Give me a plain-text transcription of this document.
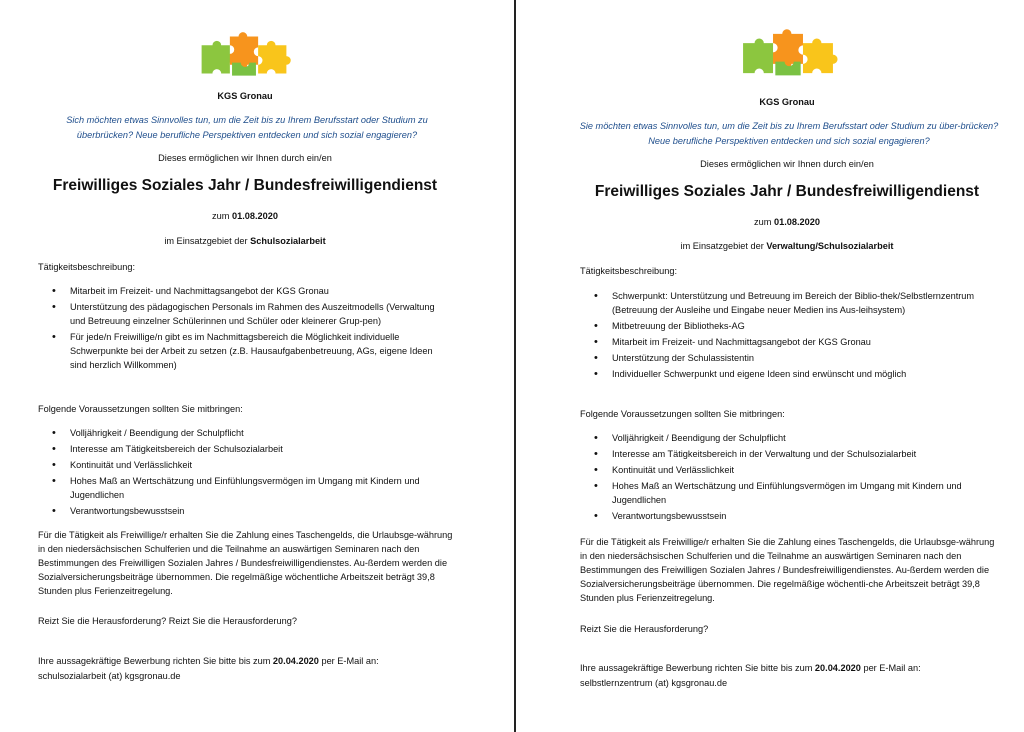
KGS Gronau
Sich möchten etwas Sinnvolles tun, um die Zeit bis zu Ihrem Berufsstart oder Studium zu überbrücken? Neue berufliche Perspektiven entdecken und sich sozial engagieren?
Dieses ermöglichen wir Ihnen durch ein/en
Freiwilliges Soziales Jahr / Bundesfreiwilligendienst
zum 01.08.2020
im Einsatzgebiet der Schulsozialarbeit
Tätigkeitsbeschreibung:
• Mitarbeit im Freizeit- und Nachmittagsangebot der KGS Gronau
• Unterstützung des pädagogischen Personals im Rahmen des Auszeitmodells (Verwaltung und Betreuung einzelner Schülerinnen und Schüler oder kleinerer Grup-pen)
• Für jede/n Freiwillige/n gibt es im Nachmittagsbereich die Möglichkeit individuelle Schwerpunkte bei der Arbeit zu setzen (z.B. Hausaufgabenbetreuung, AGs, eigene Ideen sind herzlich Willkommen)
Folgende Voraussetzungen sollten Sie mitbringen:
• Volljährigkeit / Beendigung der Schulpflicht
• Interesse am Tätigkeitsbereich der Schulsozialarbeit
• Kontinuität und Verlässlichkeit
• Hohes Maß an Wertschätzung und Einfühlungsvermögen im Umgang mit Kindern und Jugendlichen
• Verantwortungsbewusstsein
Für die Tätigkeit als Freiwillige/r erhalten Sie die Zahlung eines Taschengelds, die Urlaubsge-währung in den niedersächsischen Schulferien und die Teilnahme an auswärtigen Seminaren nach den Bestimmungen des Freiwilligen Sozialen Jahres / Bundesfreiwilligendienstes. Au-ßerdem werden die Sozialversicherungsbeiträge übernommen. Die regelmäßige wöchentliche Arbeitszeit beträgt 39,8 Stunden plus Ferienzeitregelung.
Reizt Sie die Herausforderung? Reizt Sie die Herausforderung?
Ihre aussagekräftige Bewerbung richten Sie bitte bis zum 20.04.2020 per E-Mail an:
schulsozialarbeit (at) kgsgronau.de
KGS Gronau
Sie möchten etwas Sinnvolles tun, um die Zeit bis zu Ihrem Berufsstart oder Studium zu über-brücken? Neue berufliche Perspektiven entdecken und sich sozial engagieren?
Dieses ermöglichen wir Ihnen durch ein/en
Freiwilliges Soziales Jahr / Bundesfreiwilligendienst
zum 01.08.2020
im Einsatzgebiet der Verwaltung/Schulsozialarbeit
Tätigkeitsbeschreibung:
• Schwerpunkt: Unterstützung und Betreuung im Bereich der Biblio-thek/Selbstlernzentrum (Betreuung der Ausleihe und Eingabe neuer Medien ins Aus-leihsystem)
• Mitbetreuung der Bibliotheks-AG
• Mitarbeit im Freizeit- und Nachmittagsangebot der KGS Gronau
• Unterstützung der Schulassistentin
• Individueller Schwerpunkt und eigene Ideen sind erwünscht und möglich
Folgende Voraussetzungen sollten Sie mitbringen:
• Volljährigkeit / Beendigung der Schulpflicht
• Interesse am Tätigkeitsbereich in der Verwaltung und der Schulsozialarbeit
• Kontinuität und Verlässlichkeit
• Hohes Maß an Wertschätzung und Einfühlungsvermögen im Umgang mit Kindern und Jugendlichen
• Verantwortungsbewusstsein
Für die Tätigkeit als Freiwillige/r erhalten Sie die Zahlung eines Taschengelds, die Urlaubsge-währung in den niedersächsischen Schulferien und die Teilnahme an auswärtigen Seminaren nach den Bestimmungen des Freiwilligen Sozialen Jahres / Bundesfreiwilligendienstes. Au-ßerdem werden die Sozialversicherungsbeiträge übernommen. Die regelmäßige wöchentli-che Arbeitszeit beträgt 39,8 Stunden plus Ferienzeitregelung.
Reizt Sie die Herausforderung?
Ihre aussagekräftige Bewerbung richten Sie bitte bis zum 20.04.2020 per E-Mail an:
selbstlernzentrum (at) kgsgronau.de
